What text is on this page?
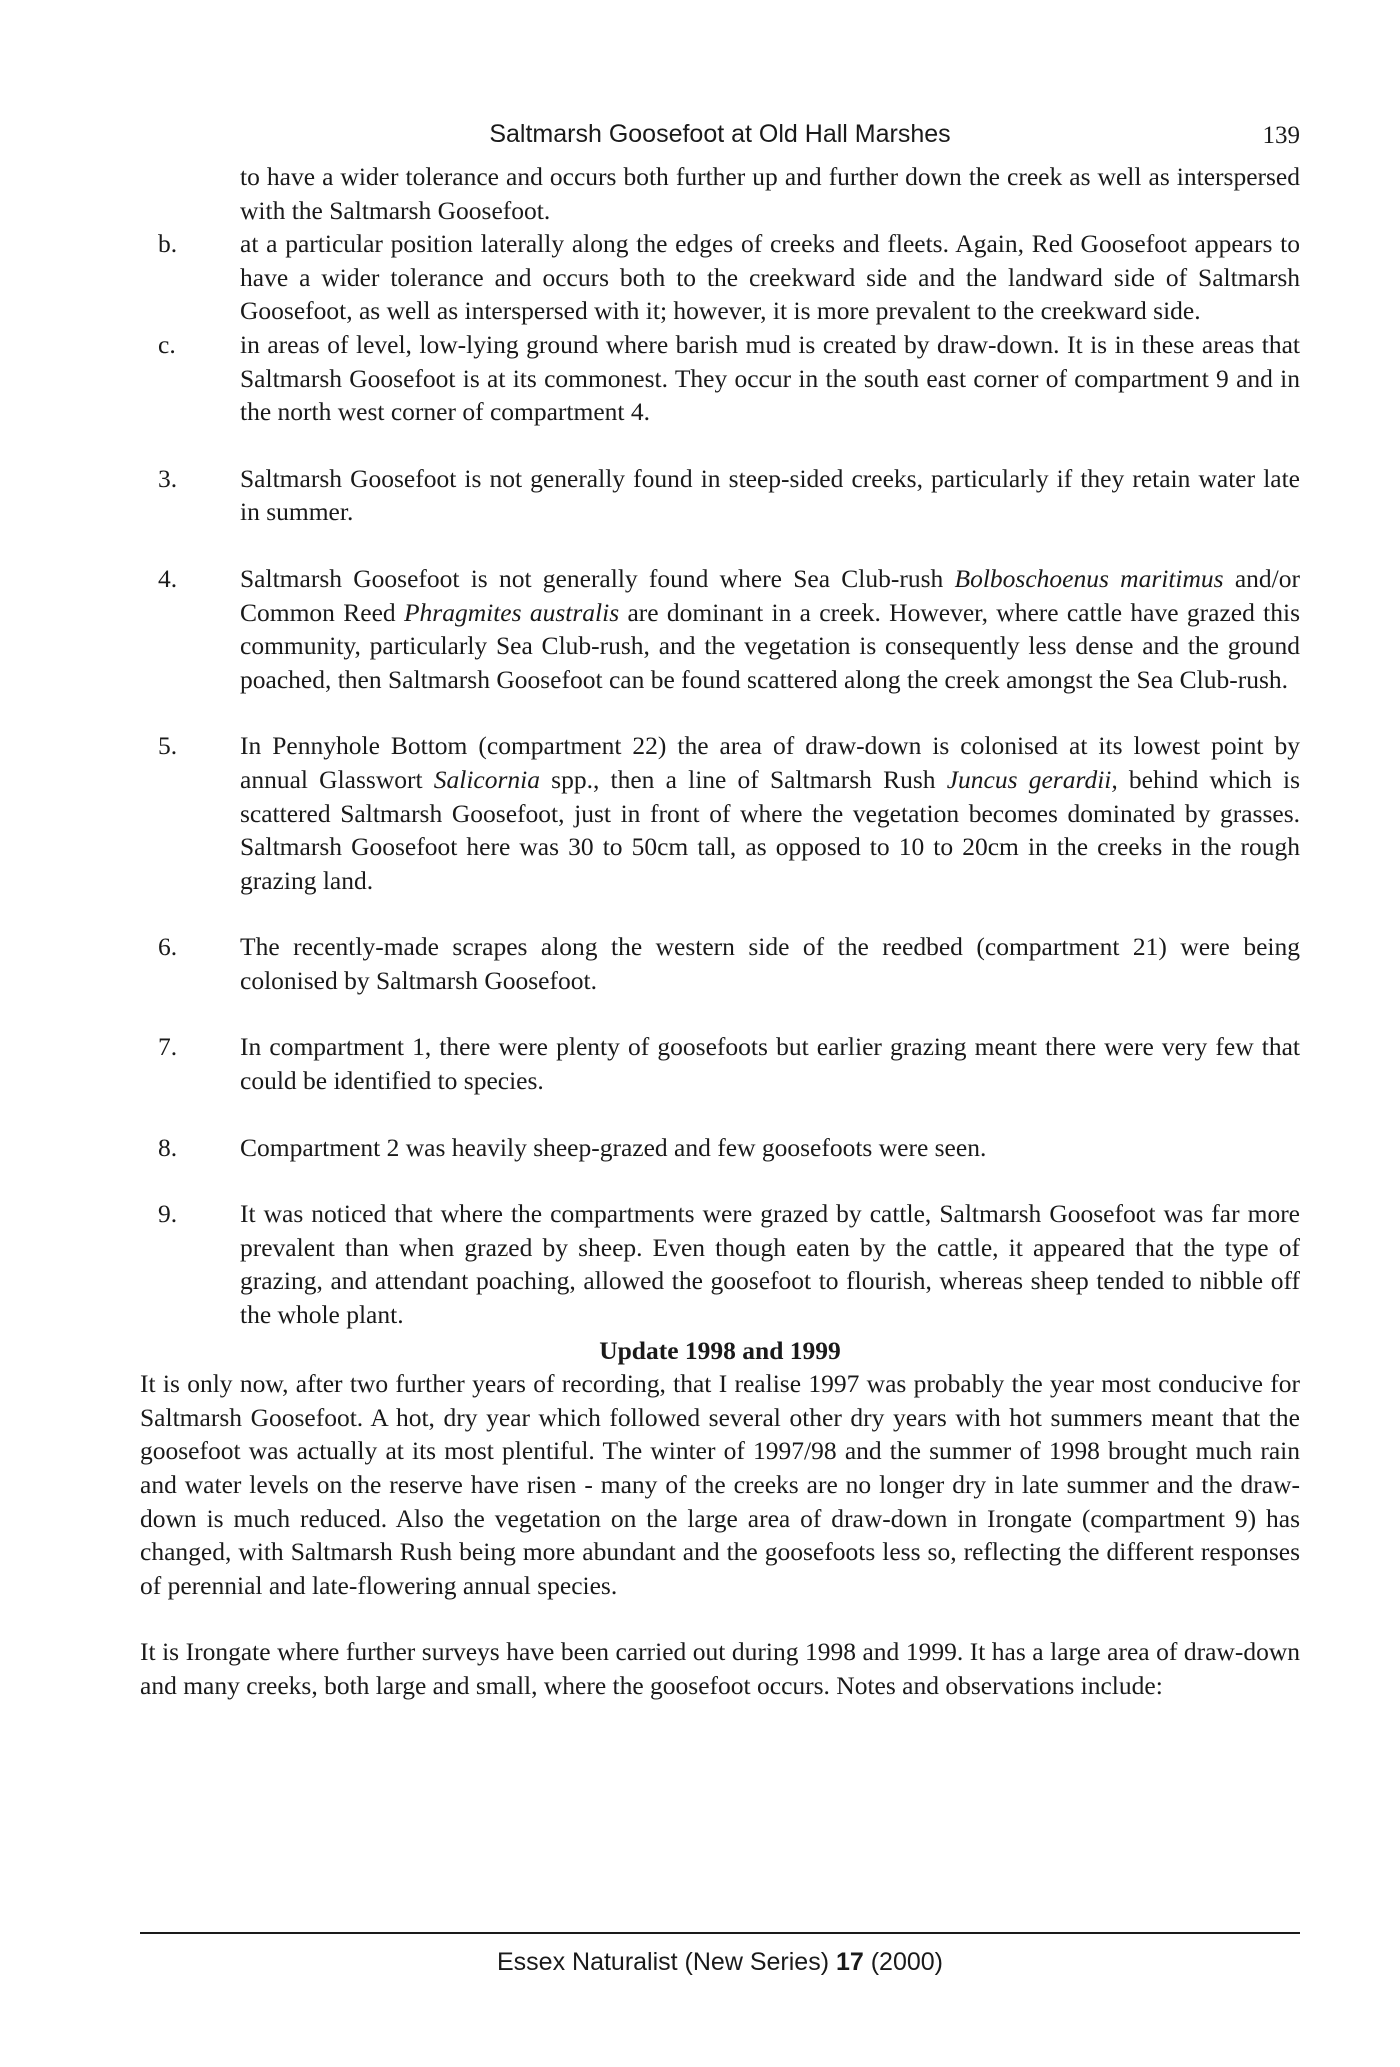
Saltmarsh Goosefoot at Old Hall Marshes	139
to have a wider tolerance and occurs both further up and further down the creek as well as interspersed with the Saltmarsh Goosefoot.
b.	at a particular position laterally along the edges of creeks and fleets. Again, Red Goosefoot appears to have a wider tolerance and occurs both to the creekward side and the landward side of Saltmarsh Goosefoot, as well as interspersed with it; however, it is more prevalent to the creekward side.
c.	in areas of level, low-lying ground where barish mud is created by draw-down. It is in these areas that Saltmarsh Goosefoot is at its commonest. They occur in the south east corner of compartment 9 and in the north west corner of compartment 4.
3.	Saltmarsh Goosefoot is not generally found in steep-sided creeks, particularly if they retain water late in summer.
4.	Saltmarsh Goosefoot is not generally found where Sea Club-rush Bolboschoenus maritimus and/or Common Reed Phragmites australis are dominant in a creek. However, where cattle have grazed this community, particularly Sea Club-rush, and the vegetation is consequently less dense and the ground poached, then Saltmarsh Goosefoot can be found scattered along the creek amongst the Sea Club-rush.
5.	In Pennyhole Bottom (compartment 22) the area of draw-down is colonised at its lowest point by annual Glasswort Salicornia spp., then a line of Saltmarsh Rush Juncus gerardii, behind which is scattered Saltmarsh Goosefoot, just in front of where the vegetation becomes dominated by grasses. Saltmarsh Goosefoot here was 30 to 50cm tall, as opposed to 10 to 20cm in the creeks in the rough grazing land.
6.	The recently-made scrapes along the western side of the reedbed (compartment 21) were being colonised by Saltmarsh Goosefoot.
7.	In compartment 1, there were plenty of goosefoots but earlier grazing meant there were very few that could be identified to species.
8.	Compartment 2 was heavily sheep-grazed and few goosefoots were seen.
9.	It was noticed that where the compartments were grazed by cattle, Saltmarsh Goosefoot was far more prevalent than when grazed by sheep. Even though eaten by the cattle, it appeared that the type of grazing, and attendant poaching, allowed the goosefoot to flourish, whereas sheep tended to nibble off the whole plant.
Update 1998 and 1999
It is only now, after two further years of recording, that I realise 1997 was probably the year most conducive for Saltmarsh Goosefoot. A hot, dry year which followed several other dry years with hot summers meant that the goosefoot was actually at its most plentiful. The winter of 1997/98 and the summer of 1998 brought much rain and water levels on the reserve have risen - many of the creeks are no longer dry in late summer and the draw-down is much reduced. Also the vegetation on the large area of draw-down in Irongate (compartment 9) has changed, with Saltmarsh Rush being more abundant and the goosefoots less so, reflecting the different responses of perennial and late-flowering annual species.
It is Irongate where further surveys have been carried out during 1998 and 1999. It has a large area of draw-down and many creeks, both large and small, where the goosefoot occurs. Notes and observations include:
Essex Naturalist (New Series) 17 (2000)
